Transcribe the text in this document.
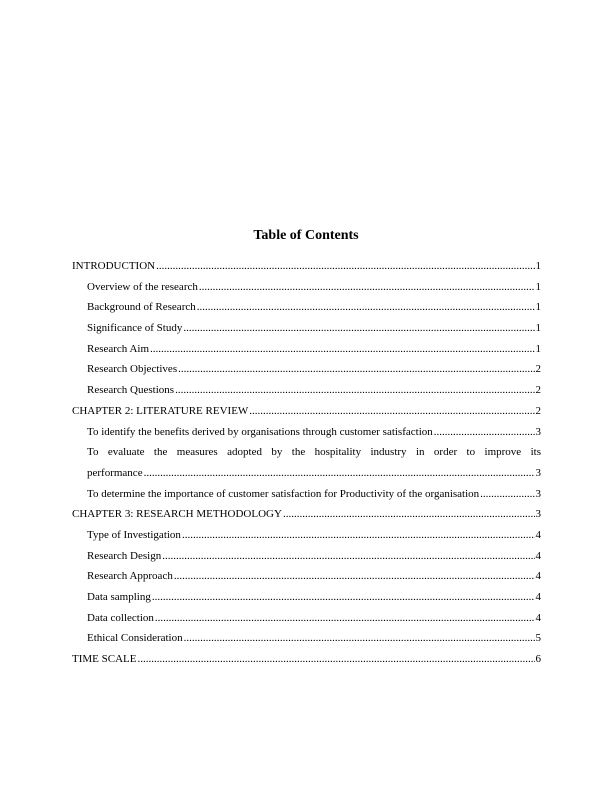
Table of Contents
INTRODUCTION .....	1
Overview of the research .....	1
Background of Research .....	1
Significance of Study .....	1
Research Aim .....	1
Research Objectives .....	2
Research Questions .....	2
CHAPTER 2: LITERATURE REVIEW .....	2
To identify the benefits derived by organisations through customer satisfaction .....	3
To evaluate the measures adopted by the hospitality industry in order to improve its
performance .....	3
To determine the importance of customer satisfaction for Productivity of the organisation .....	3
CHAPTER 3: RESEARCH METHODOLOGY .....	3
Type of Investigation .....	4
Research Design .....	4
Research Approach .....	4
Data sampling .....	4
Data collection .....	4
Ethical Consideration .....	5
TIME SCALE .....	6
